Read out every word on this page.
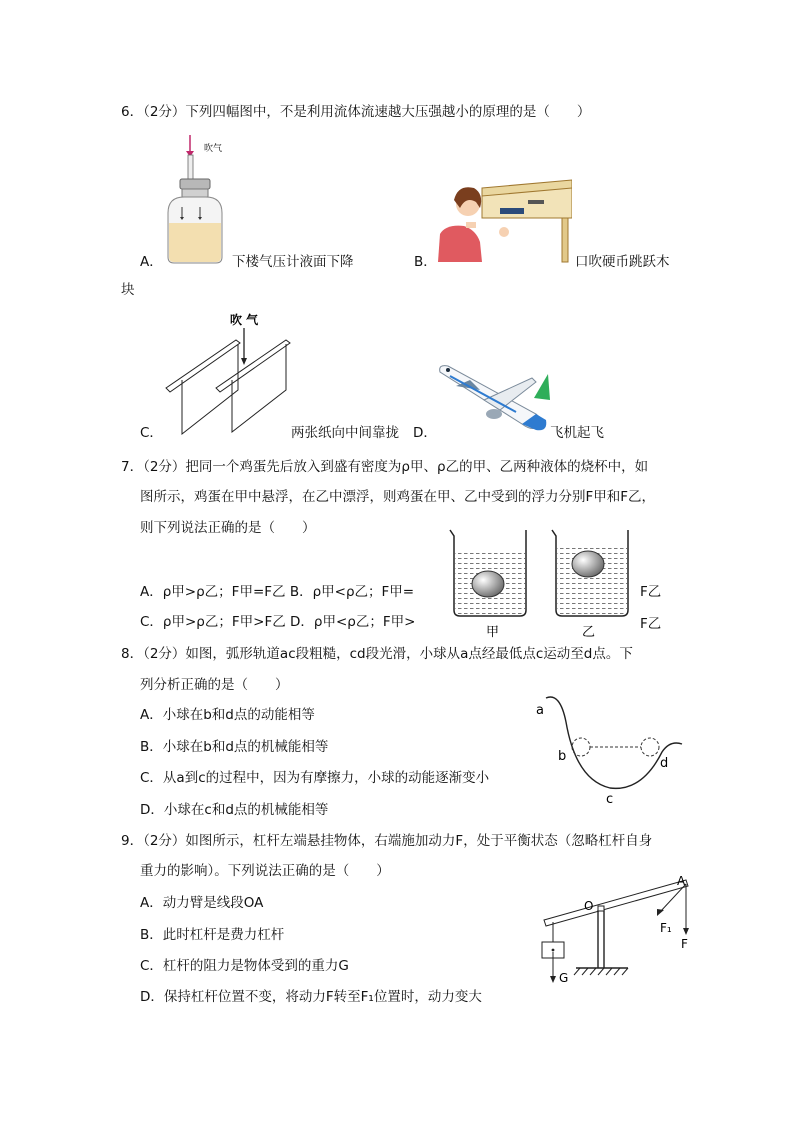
6．（2分）下列四幅图中，不是利用流体流速越大压强越小的原理的是（　　）
吹气
A．	下楼气压计液面下降	B．	口吹硬币跳跃木
块
吹 气
C．	两张纸向中间靠拢 D．	飞机起飞
7．（2分）把同一个鸡蛋先后放入到盛有密度为ρ甲、ρ乙的甲、乙两种液体的烧杯中，如
图所示，鸡蛋在甲中悬浮，在乙中漂浮，则鸡蛋在甲、乙中受到的浮力分别F甲和F乙，
则下列说法正确的是（　　）
甲	乙
A．ρ甲>ρ乙；F甲=F乙 B．ρ甲<ρ乙；F甲=	F乙
C．ρ甲>ρ乙；F甲>F乙 D．ρ甲<ρ乙；F甲>	F乙
8．（2分）如图，弧形轨道ac段粗糙，cd段光滑，小球从a点经最低点c运动至d点。下
列分析正确的是（　　）
A．小球在b和d点的动能相等
B．小球在b和d点的机械能相等
C．从a到c的过程中，因为有摩擦力，小球的动能逐渐变小
D．小球在c和d点的机械能相等
a
b
c
d
9．（2分）如图所示，杠杆左端悬挂物体，右端施加动力F，处于平衡状态（忽略杠杆自身
重力的影响）。下列说法正确的是（　　）
A．动力臂是线段OA
B．此时杠杆是费力杠杆
C．杠杆的阻力是物体受到的重力G
D．保持杠杆位置不变，将动力F转至F₁位置时，动力变大
A
O
F₁
F
G
